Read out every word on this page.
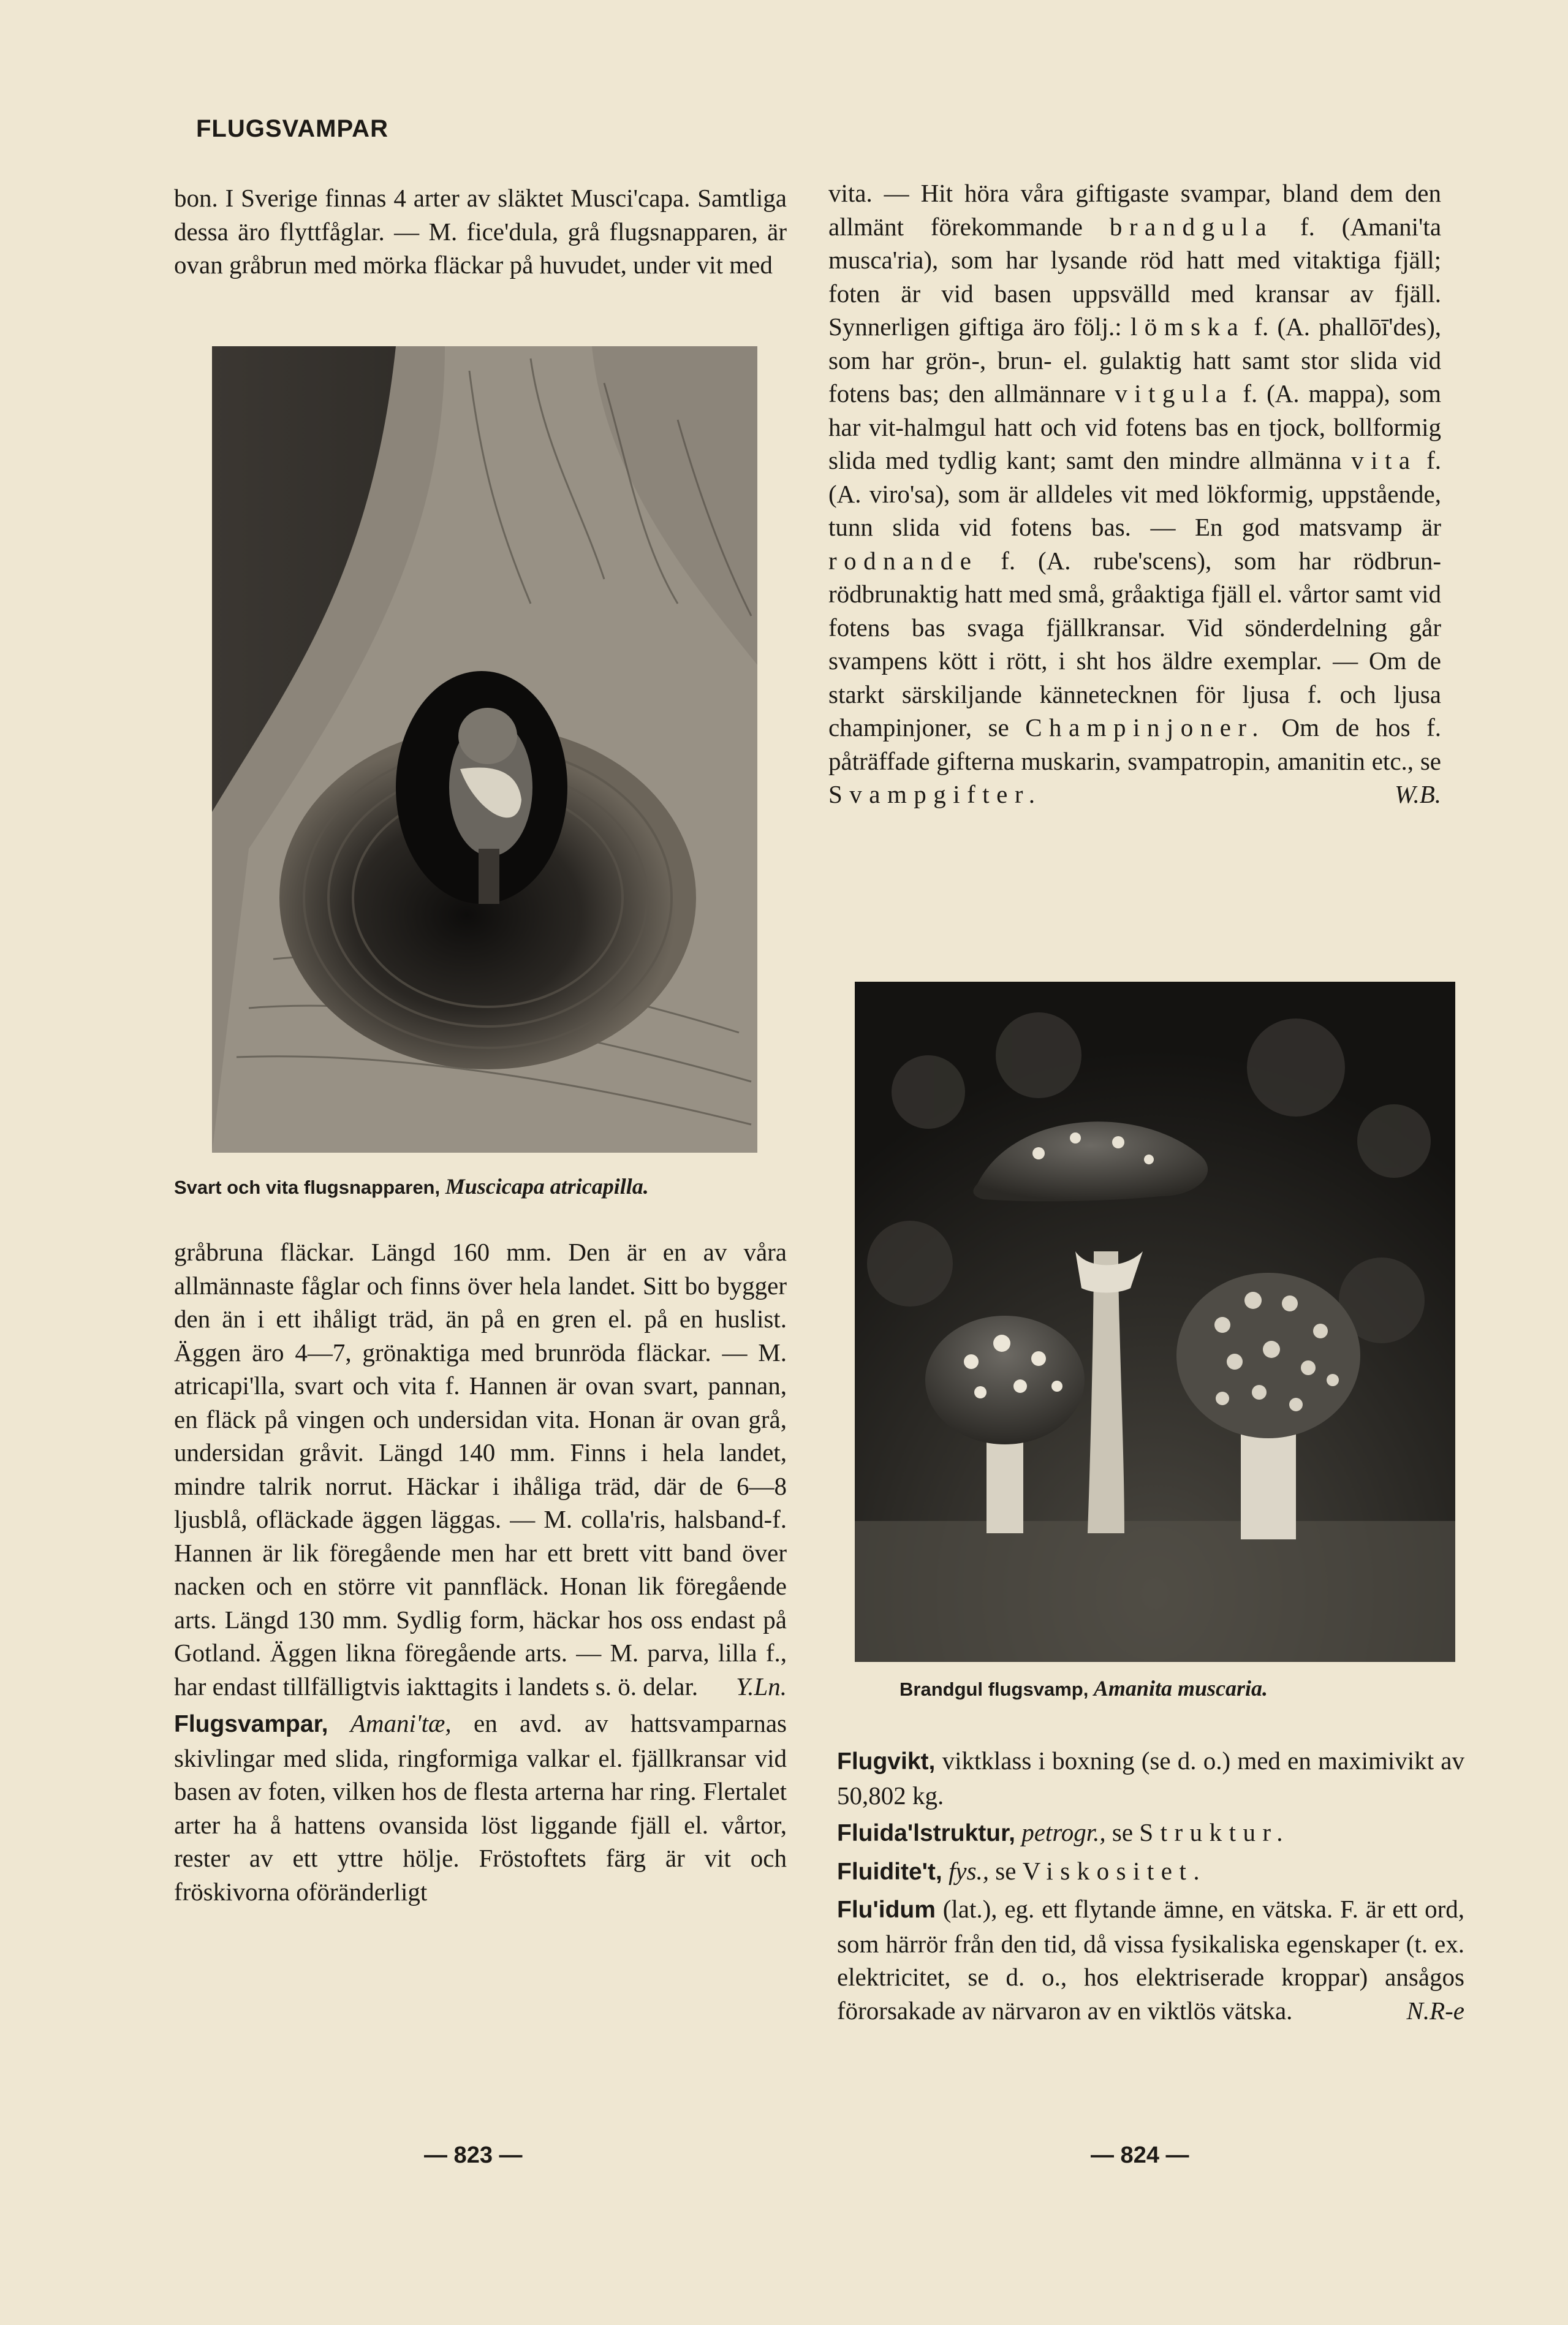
FLUGSVAMPAR

bon. I Sverige finnas 4 arter av släktet Musci'capa. Samtliga dessa äro flyttfåglar. — M. fice'dula, grå flugsnapparen, är ovan gråbrun med mörka fläckar på huvudet, under vit med

Svart och vita flugsnapparen, Muscicapa atricapilla.

gråbruna fläckar. Längd 160 mm. Den är en av våra allmännaste fåglar och finns över hela landet. Sitt bo bygger den än i ett ihåligt träd, än på en gren el. på en huslist. Äggen äro 4—7, grönaktiga med brunröda fläckar. — M. atricapi'lla, svart och vita f. Hannen är ovan svart, pannan, en fläck på vingen och undersidan vita. Honan är ovan grå, undersidan gråvit. Längd 140 mm. Finns i hela landet, mindre talrik norrut. Häckar i ihåliga träd, där de 6—8 ljusblå, ofläckade äggen läggas. — M. colla'ris, halsband-f. Hannen är lik föregående men har ett brett vitt band över nacken och en större vit pannfläck. Honan lik föregående arts. Längd 130 mm. Sydlig form, häckar hos oss endast på Gotland. Äggen likna föregående arts. — M. parva, lilla f., har endast tillfälligtvis iakttagits i landets s. ö. delar. Y.Ln.

Flugsvampar, Amani'tæ, en avd. av hattsvamparnas skivlingar med slida, ringformiga valkar el. fjällkransar vid basen av foten, vilken hos de flesta arterna har ring. Flertalet arter ha å hattens ovansida löst liggande fjäll el. vårtor, rester av ett yttre hölje. Fröstoftets färg är vit och fröskivorna oföränderligt

vita. — Hit höra våra giftigaste svampar, bland dem den allmänt förekommande brandgula f. (Amani'ta musca'ria), som har lysande röd hatt med vitaktiga fjäll; foten är vid basen uppsvälld med kransar av fjäll. Synnerligen giftiga äro följ.: lömska f. (A. phallōī'des), som har grön-, brun- el. gulaktig hatt samt stor slida vid fotens bas; den allmännare vitgula f. (A. mappa), som har vit-halmgul hatt och vid fotens bas en tjock, bollformig slida med tydlig kant; samt den mindre allmänna vita f. (A. viro'sa), som är alldeles vit med lökformig, uppstående, tunn slida vid fotens bas. — En god matsvamp är rodnande f. (A. rube'scens), som har rödbrun-rödbrunaktig hatt med små, gråaktiga fjäll el. vårtor samt vid fotens bas svaga fjällkransar. Vid sönderdelning går svampens kött i rött, i sht hos äldre exemplar. — Om de starkt särskiljande kännetecknen för ljusa f. och ljusa champinjoner, se Champinjoner. Om de hos f. påträffade gifterna muskarin, svampatropin, amanitin etc., se Svampgifter.	W.B.

Brandgul flugsvamp, Amanita muscaria.

Flugvikt, viktklass i boxning (se d. o.) med en maximivikt av 50,802 kg.

Fluida'lstruktur, petrogr., se Struktur.

Fluidite't, fys., se Viskositet.

Flu'idum (lat.), eg. ett flytande ämne, en vätska. F. är ett ord, som härrör från den tid, då vissa fysikaliska egenskaper (t. ex. elektricitet, se d. o., hos elektriserade kroppar) ansågos förorsakade av närvaron av en viktlös vätska.	N.R-e

— 823 —	— 824 —
